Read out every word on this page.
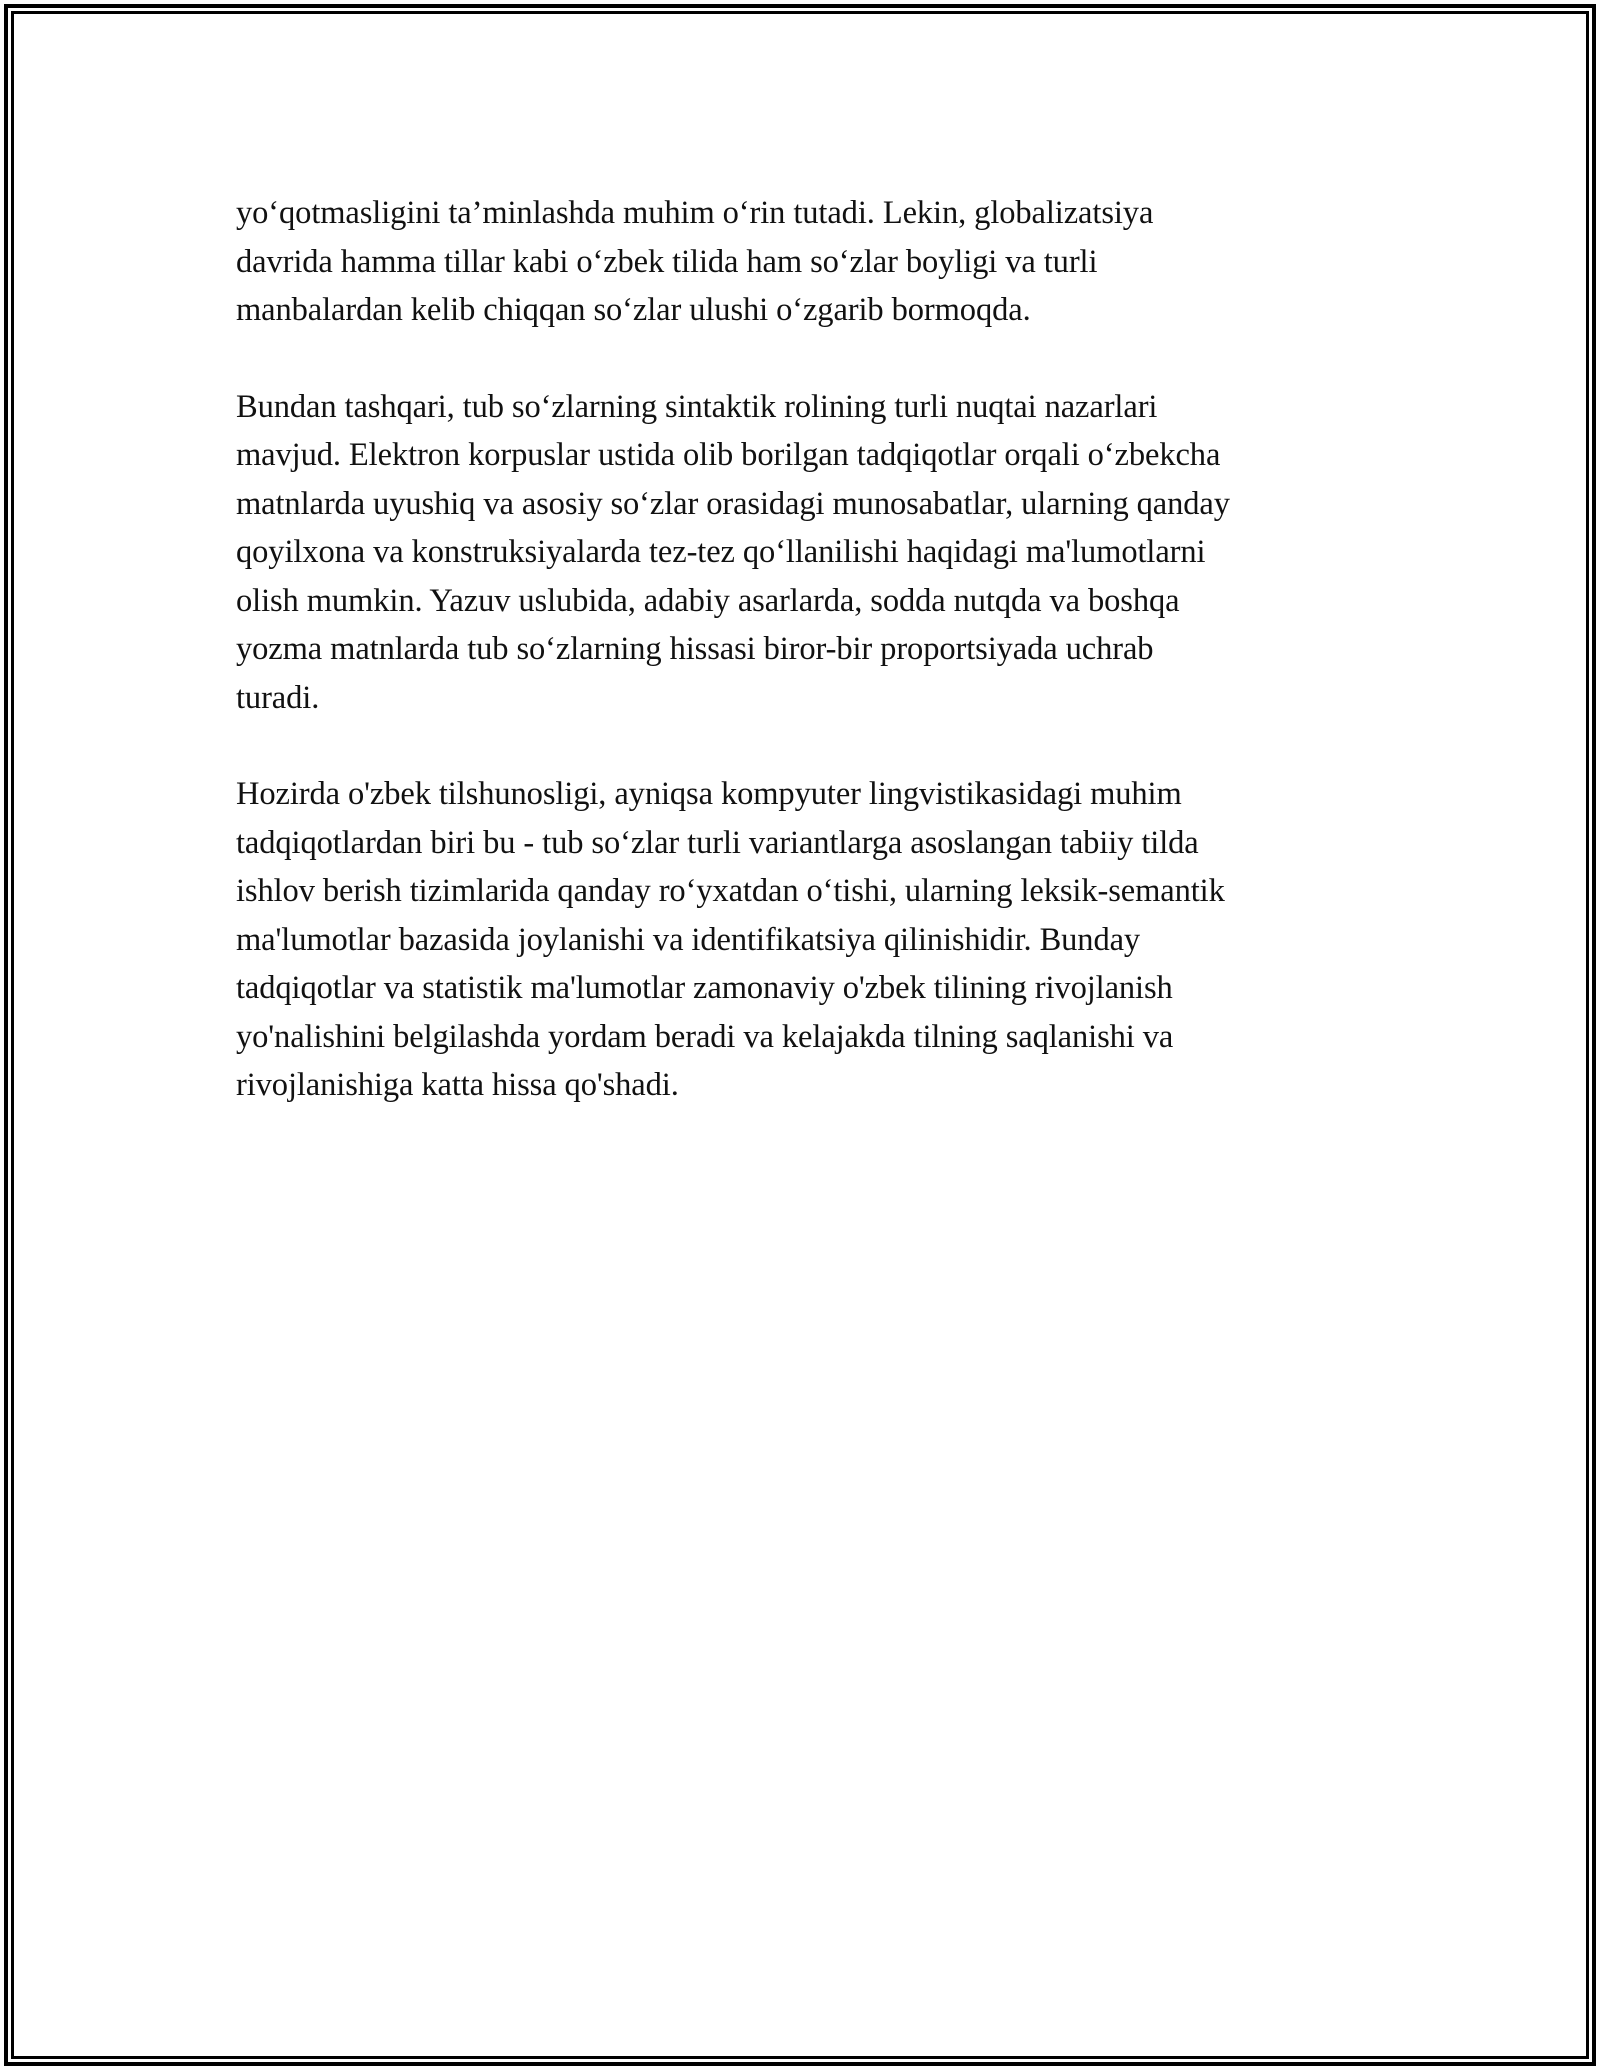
yo‘qotmasligini ta’minlashda muhim o‘rin tutadi. Lekin, globalizatsiya
davrida hamma tillar kabi o‘zbek tilida ham so‘zlar boyligi va turli
manbalardan kelib chiqqan so‘zlar ulushi o‘zgarib bormoqda.

Bundan tashqari, tub so‘zlarning sintaktik rolining turli nuqtai nazarlari
mavjud. Elektron korpuslar ustida olib borilgan tadqiqotlar orqali o‘zbekcha
matnlarda uyushiq va asosiy so‘zlar orasidagi munosabatlar, ularning qanday
qoyilxona va konstruksiyalarda tez-tez qo‘llanilishi haqidagi ma'lumotlarni
olish mumkin. Yazuv uslubida, adabiy asarlarda, sodda nutqda va boshqa
yozma matnlarda tub so‘zlarning hissasi biror-bir proportsiyada uchrab
turadi.

Hozirda o'zbek tilshunosligi, ayniqsa kompyuter lingvistikasidagi muhim
tadqiqotlardan biri bu - tub so‘zlar turli variantlarga asoslangan tabiiy tilda
ishlov berish tizimlarida qanday ro‘yxatdan o‘tishi, ularning leksik-semantik
ma'lumotlar bazasida joylanishi va identifikatsiya qilinishidir. Bunday
tadqiqotlar va statistik ma'lumotlar zamonaviy o'zbek tilining rivojlanish
yo'nalishini belgilashda yordam beradi va kelajakda tilning saqlanishi va
rivojlanishiga katta hissa qo'shadi.
